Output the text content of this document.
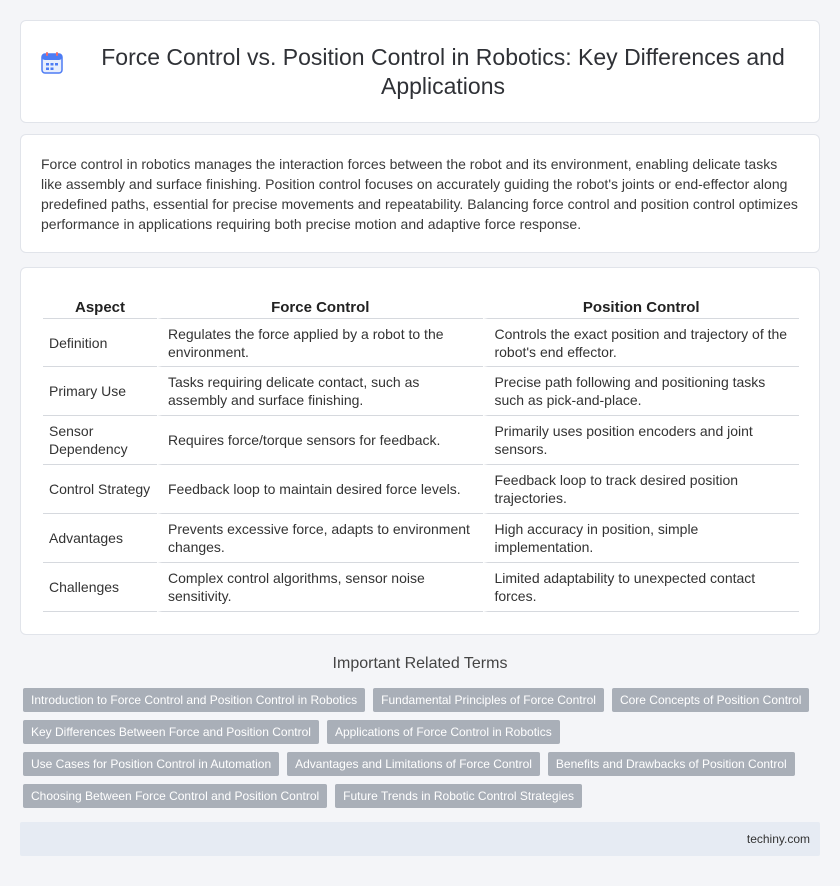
Force Control vs. Position Control in Robotics: Key Differences and Applications

Force control in robotics manages the interaction forces between the robot and its environment, enabling delicate tasks like assembly and surface finishing. Position control focuses on accurately guiding the robot's joints or end-effector along predefined paths, essential for precise movements and repeatability. Balancing force control and position control optimizes performance in applications requiring both precise motion and adaptive force response.

Aspect	Force Control	Position Control
Definition	Regulates the force applied by a robot to the environment.	Controls the exact position and trajectory of the robot's end effector.
Primary Use	Tasks requiring delicate contact, such as assembly and surface finishing.	Precise path following and positioning tasks such as pick-and-place.
Sensor Dependency	Requires force/torque sensors for feedback.	Primarily uses position encoders and joint sensors.
Control Strategy	Feedback loop to maintain desired force levels.	Feedback loop to track desired position trajectories.
Advantages	Prevents excessive force, adapts to environment changes.	High accuracy in position, simple implementation.
Challenges	Complex control algorithms, sensor noise sensitivity.	Limited adaptability to unexpected contact forces.
Important Related Terms
Introduction to Force Control and Position Control in Robotics	Fundamental Principles of Force Control	Core Concepts of Position Control
Key Differences Between Force and Position Control	Applications of Force Control in Robotics
Use Cases for Position Control in Automation	Advantages and Limitations of Force Control	Benefits and Drawbacks of Position Control
Choosing Between Force Control and Position Control	Future Trends in Robotic Control Strategies
techiny.com
